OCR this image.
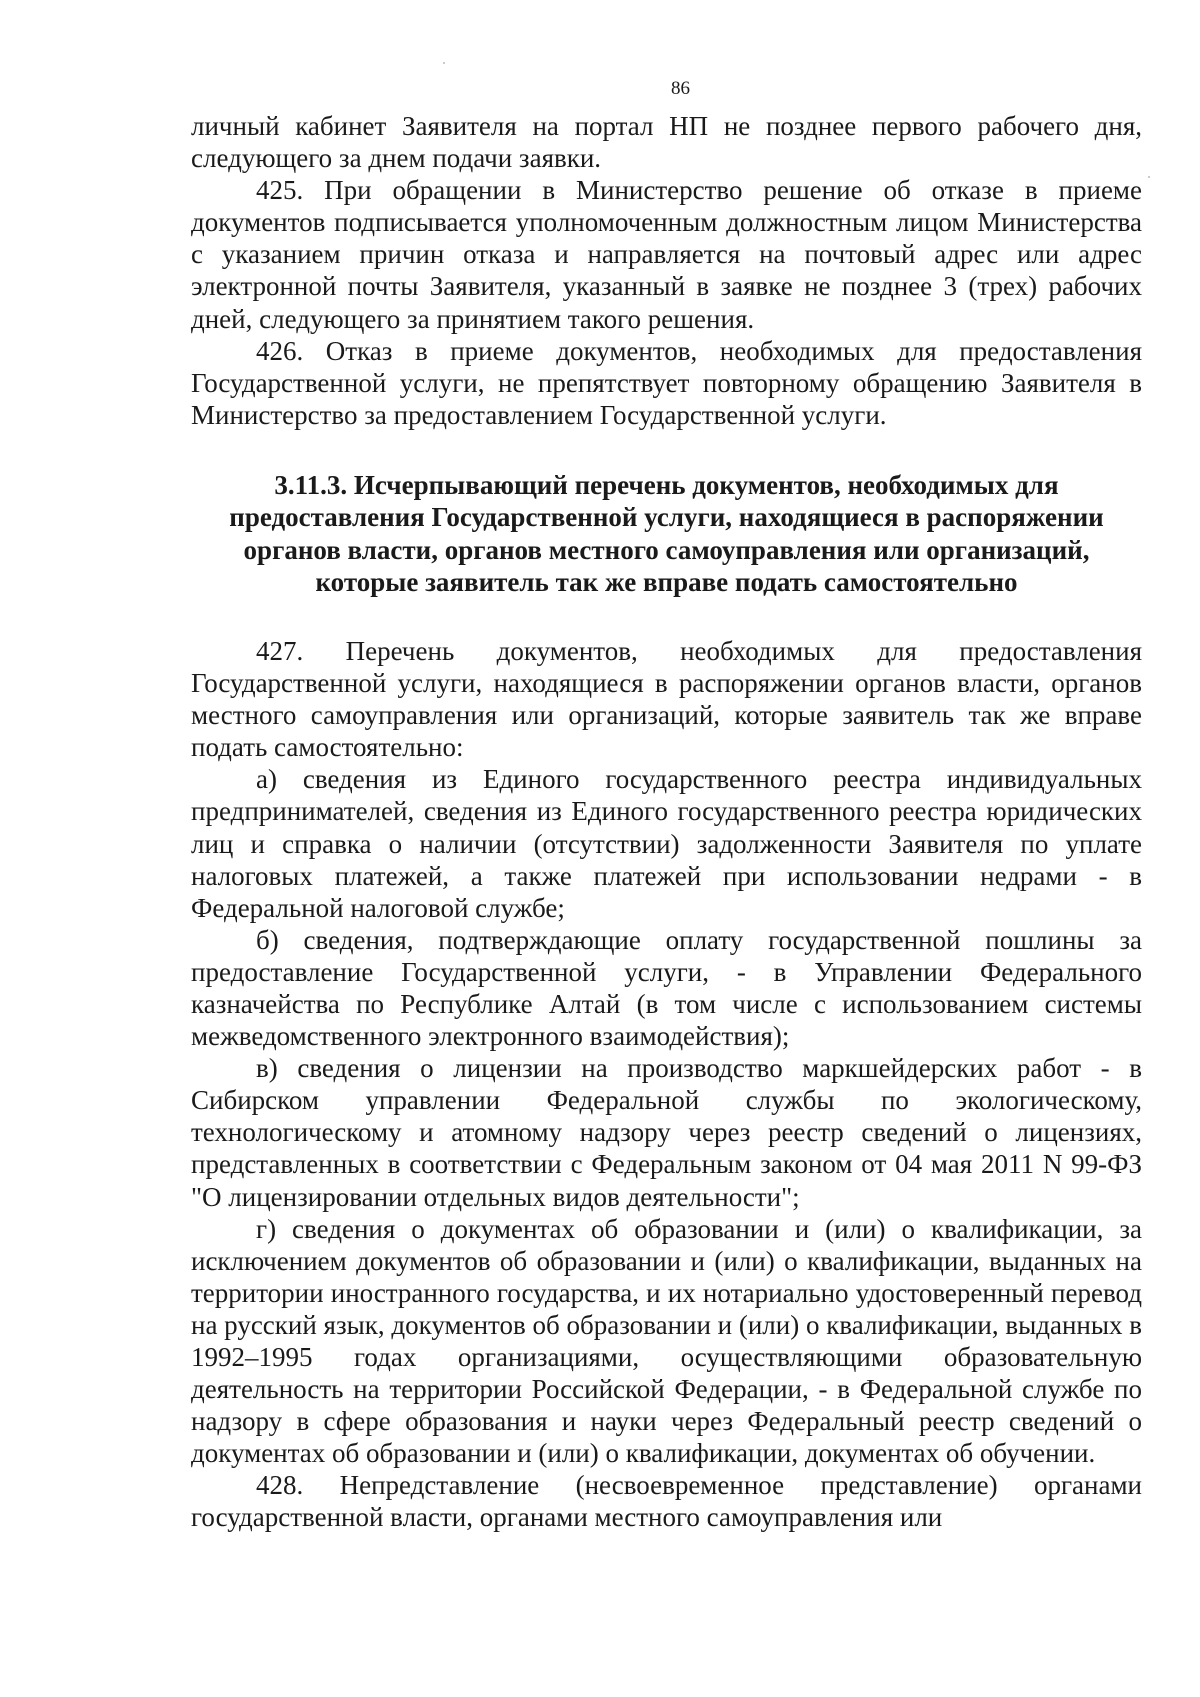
86

личный кабинет Заявителя на портал НП не позднее первого рабочего дня, следующего за днем подачи заявки.

425. При обращении в Министерство решение об отказе в приеме документов подписывается уполномоченным должностным лицом Министерства с указанием причин отказа и направляется на почтовый адрес или адрес электронной почты Заявителя, указанный в заявке не позднее 3 (трех) рабочих дней, следующего за принятием такого решения.

426. Отказ в приеме документов, необходимых для предоставления Государственной услуги, не препятствует повторному обращению Заявителя в Министерство за предоставлением Государственной услуги.

3.11.3. Исчерпывающий перечень документов, необходимых для предоставления Государственной услуги, находящиеся в распоряжении органов власти, органов местного самоуправления или организаций, которые заявитель так же вправе подать самостоятельно

427. Перечень документов, необходимых для предоставления Государственной услуги, находящиеся в распоряжении органов власти, органов местного самоуправления или организаций, которые заявитель так же вправе подать самостоятельно:

а) сведения из Единого государственного реестра индивидуальных предпринимателей, сведения из Единого государственного реестра юридических лиц и справка о наличии (отсутствии) задолженности Заявителя по уплате налоговых платежей, а также платежей при использовании недрами - в Федеральной налоговой службе;

б) сведения, подтверждающие оплату государственной пошлины за предоставление Государственной услуги, - в Управлении Федерального казначейства по Республике Алтай (в том числе с использованием системы межведомственного электронного взаимодействия);

в) сведения о лицензии на производство маркшейдерских работ - в Сибирском управлении Федеральной службы по экологическому, технологическому и атомному надзору через реестр сведений о лицензиях, представленных в соответствии с Федеральным законом от 04 мая 2011 N 99-ФЗ "О лицензировании отдельных видов деятельности";

г) сведения о документах об образовании и (или) о квалификации, за исключением документов об образовании и (или) о квалификации, выданных на территории иностранного государства, и их нотариально удостоверенный перевод на русский язык, документов об образовании и (или) о квалификации, выданных в 1992–1995 годах организациями, осуществляющими образовательную деятельность на территории Российской Федерации, - в Федеральной службе по надзору в сфере образования и науки через Федеральный реестр сведений о документах об образовании и (или) о квалификации, документах об обучении.

428. Непредставление (несвоевременное представление) органами государственной власти, органами местного самоуправления или
